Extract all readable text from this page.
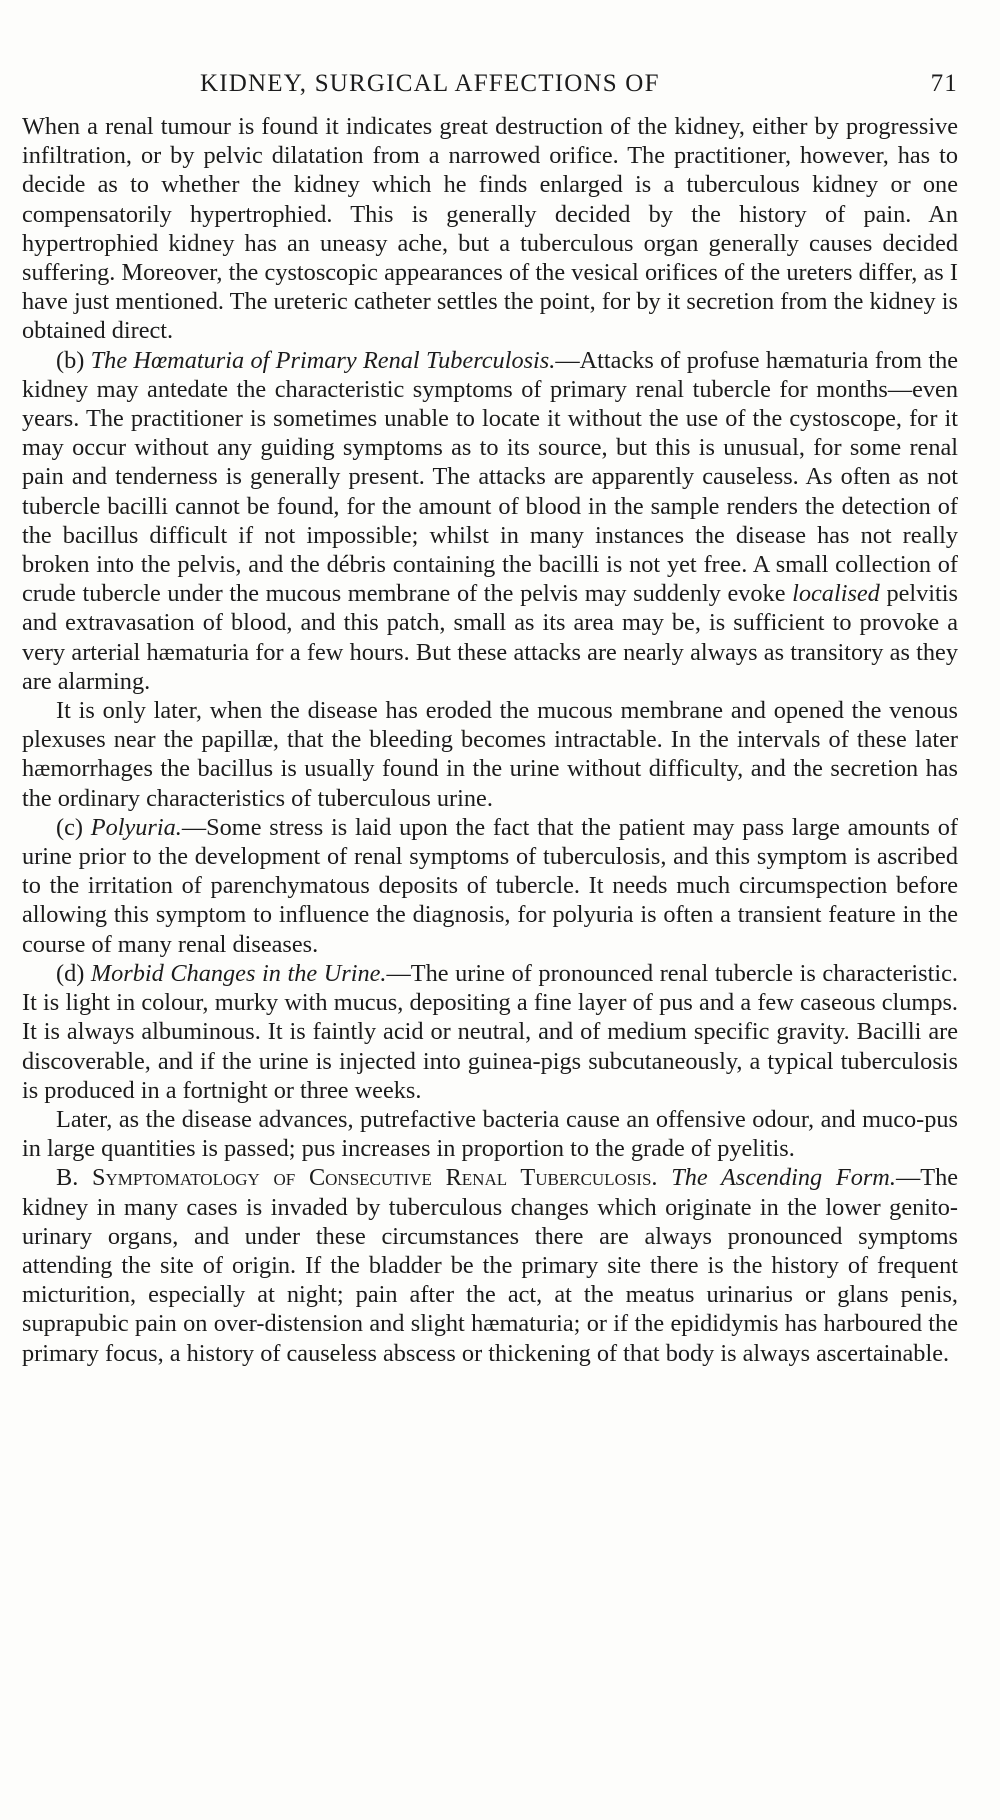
KIDNEY, SURGICAL AFFECTIONS OF	71

When a renal tumour is found it indicates great destruction of the kidney, either by progressive infiltration, or by pelvic dilatation from a narrowed orifice. The practitioner, however, has to decide as to whether the kidney which he finds enlarged is a tuberculous kidney or one compensatorily hypertrophied. This is generally decided by the history of pain. An hypertrophied kidney has an uneasy ache, but a tuberculous organ generally causes decided suffering. Moreover, the cystoscopic appearances of the vesical orifices of the ureters differ, as I have just mentioned. The ureteric catheter settles the point, for by it secretion from the kidney is obtained direct.

(b) The Hœmaturia of Primary Renal Tuberculosis.—Attacks of profuse hæmaturia from the kidney may antedate the characteristic symptoms of primary renal tubercle for months—even years. The practitioner is sometimes unable to locate it without the use of the cystoscope, for it may occur without any guiding symptoms as to its source, but this is unusual, for some renal pain and tenderness is generally present. The attacks are apparently causeless. As often as not tubercle bacilli cannot be found, for the amount of blood in the sample renders the detection of the bacillus difficult if not impossible; whilst in many instances the disease has not really broken into the pelvis, and the débris containing the bacilli is not yet free. A small collection of crude tubercle under the mucous membrane of the pelvis may suddenly evoke localised pelvitis and extravasation of blood, and this patch, small as its area may be, is sufficient to provoke a very arterial hæmaturia for a few hours. But these attacks are nearly always as transitory as they are alarming.

It is only later, when the disease has eroded the mucous membrane and opened the venous plexuses near the papillæ, that the bleeding becomes intractable. In the intervals of these later hæmorrhages the bacillus is usually found in the urine without difficulty, and the secretion has the ordinary characteristics of tuberculous urine.

(c) Polyuria.—Some stress is laid upon the fact that the patient may pass large amounts of urine prior to the development of renal symptoms of tuberculosis, and this symptom is ascribed to the irritation of parenchymatous deposits of tubercle. It needs much circumspection before allowing this symptom to influence the diagnosis, for polyuria is often a transient feature in the course of many renal diseases.

(d) Morbid Changes in the Urine.—The urine of pronounced renal tubercle is characteristic. It is light in colour, murky with mucus, depositing a fine layer of pus and a few caseous clumps. It is always albuminous. It is faintly acid or neutral, and of medium specific gravity. Bacilli are discoverable, and if the urine is injected into guinea-pigs subcutaneously, a typical tuberculosis is produced in a fortnight or three weeks.

Later, as the disease advances, putrefactive bacteria cause an offensive odour, and muco-pus in large quantities is passed; pus increases in proportion to the grade of pyelitis.

B. Symptomatology of Consecutive Renal Tuberculosis. The Ascending Form.—The kidney in many cases is invaded by tuberculous changes which originate in the lower genito-urinary organs, and under these circumstances there are always pronounced symptoms attending the site of origin. If the bladder be the primary site there is the history of frequent micturition, especially at night; pain after the act, at the meatus urinarius or glans penis, suprapubic pain on over-distension and slight hæmaturia; or if the epididymis has harboured the primary focus, a history of causeless abscess or thickening of that body is always ascertainable.
